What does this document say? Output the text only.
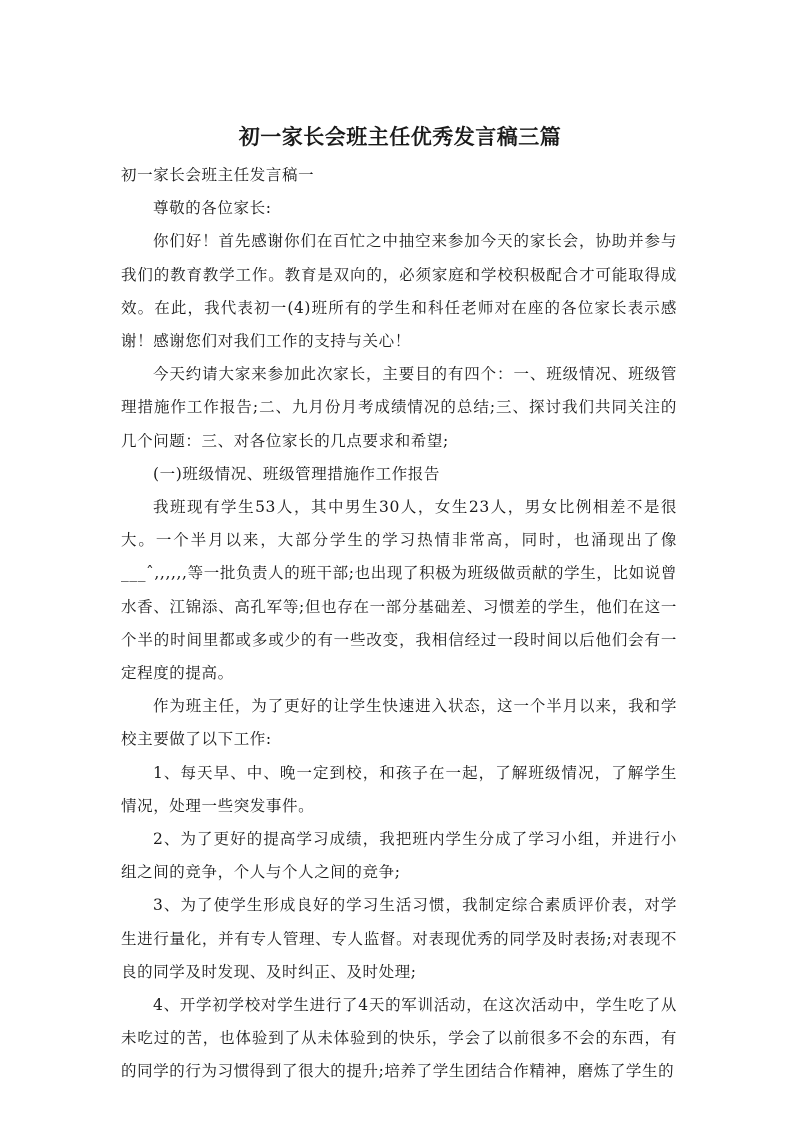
初一家长会班主任优秀发言稿三篇

初一家长会班主任发言稿一

尊敬的各位家长:

你们好！首先感谢你们在百忙之中抽空来参加今天的家长会，协助并参与我们的教育教学工作。教育是双向的，必须家庭和学校积极配合才可能取得成效。在此，我代表初一(4)班所有的学生和科任老师对在座的各位家长表示感谢！感谢您们对我们工作的支持与关心！

今天约请大家来参加此次家长，主要目的有四个：一、班级情况、班级管理措施作工作报告;二、九月份月考成绩情况的总结;三、探讨我们共同关注的几个问题：三、对各位家长的几点要求和希望;

(一)班级情况、班级管理措施作工作报告

我班现有学生53人，其中男生30人，女生23人，男女比例相差不是很大。一个半月以来，大部分学生的学习热情非常高，同时，也涌现出了像___ˆ,,,,,,等一批负责人的班干部;也出现了积极为班级做贡献的学生，比如说曾水香、江锦添、高孔军等;但也存在一部分基础差、习惯差的学生，他们在这一个半的时间里都或多或少的有一些改变，我相信经过一段时间以后他们会有一定程度的提高。

作为班主任，为了更好的让学生快速进入状态，这一个半月以来，我和学校主要做了以下工作:

1、每天早、中、晚一定到校，和孩子在一起，了解班级情况，了解学生情况，处理一些突发事件。

2、为了更好的提高学习成绩，我把班内学生分成了学习小组，并进行小组之间的竞争，个人与个人之间的竞争;

3、为了使学生形成良好的学习生活习惯，我制定综合素质评价表，对学生进行量化，并有专人管理、专人监督。对表现优秀的同学及时表扬;对表现不良的同学及时发现、及时纠正、及时处理;

4、开学初学校对学生进行了4天的军训活动，在这次活动中，学生吃了从未吃过的苦，也体验到了从未体验到的快乐，学会了以前很多不会的东西，有的同学的行为习惯得到了很大的提升;培养了学生团结合作精神，磨炼了学生的
